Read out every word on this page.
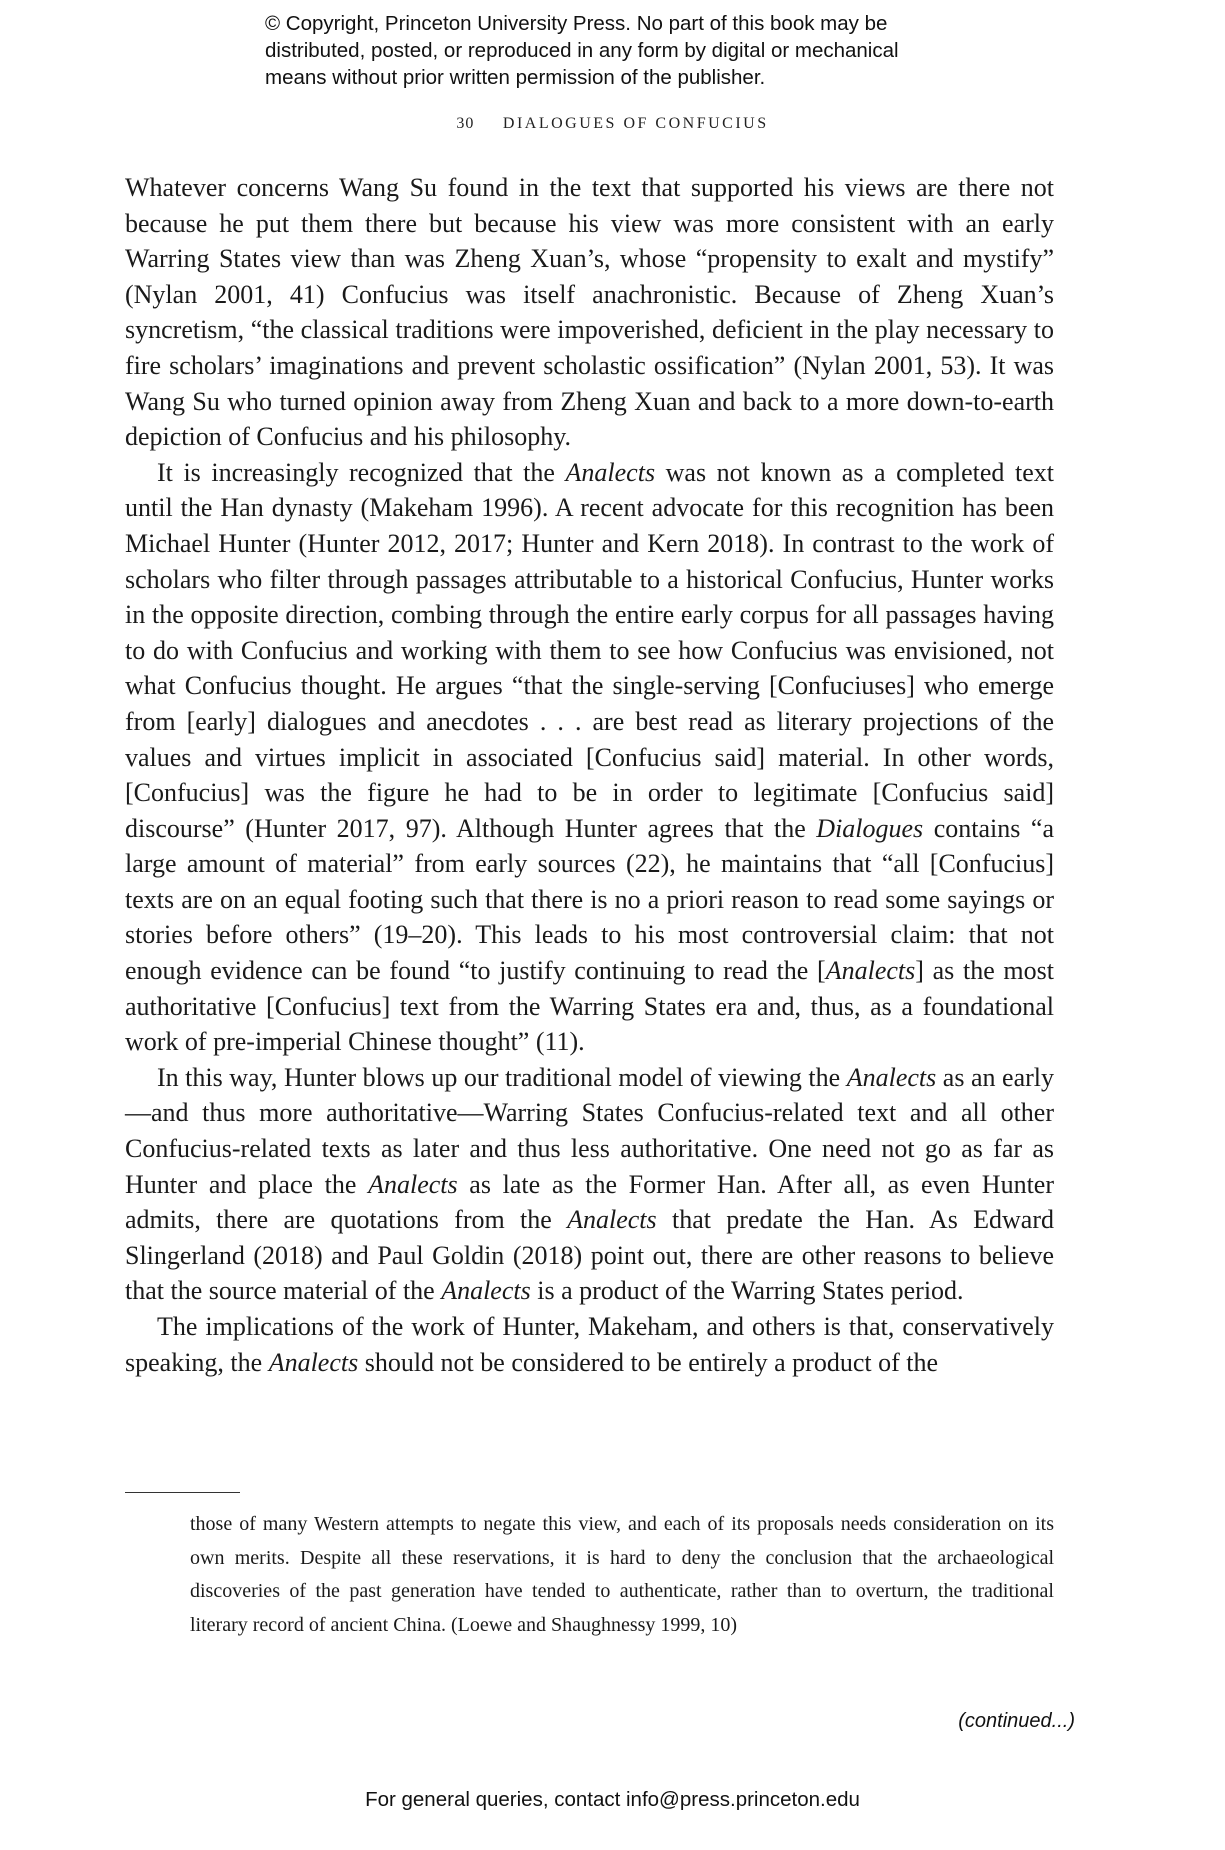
© Copyright, Princeton University Press. No part of this book may be
distributed, posted, or reproduced in any form by digital or mechanical
means without prior written permission of the publisher.
30 DIALOGUES OF CONFUCIUS

Whatever concerns Wang Su found in the text that supported his views are there not because he put them there but because his view was more consistent with an early Warring States view than was Zheng Xuan’s, whose “propensity to exalt and mystify” (Nylan 2001, 41) Confucius was itself anachronistic. Because of Zheng Xuan’s syncretism, “the classical traditions were impoverished, deficient in the play necessary to fire scholars’ imaginations and prevent scholastic ossification” (Nylan 2001, 53). It was Wang Su who turned opinion away from Zheng Xuan and back to a more down-to-earth depiction of Confucius and his philosophy.

It is increasingly recognized that the Analects was not known as a completed text until the Han dynasty (Makeham 1996). A recent advocate for this recognition has been Michael Hunter (Hunter 2012, 2017; Hunter and Kern 2018). In contrast to the work of scholars who filter through passages attributable to a historical Confucius, Hunter works in the opposite direction, combing through the entire early corpus for all passages having to do with Confucius and working with them to see how Confucius was envisioned, not what Confucius thought. He argues “that the single-serving [Confuciuses] who emerge from [early] dialogues and anecdotes . . . are best read as literary projections of the values and virtues implicit in associated [Confucius said] material. In other words, [Confucius] was the figure he had to be in order to legitimate [Confucius said] discourse” (Hunter 2017, 97). Although Hunter agrees that the Dialogues contains “a large amount of material” from early sources (22), he maintains that “all [Confucius] texts are on an equal footing such that there is no a priori reason to read some sayings or stories before others” (19–20). This leads to his most controversial claim: that not enough evidence can be found “to justify continuing to read the [Analects] as the most authoritative [Confucius] text from the Warring States era and, thus, as a foundational work of pre-imperial Chinese thought” (11).

In this way, Hunter blows up our traditional model of viewing the Analects as an early—and thus more authoritative—Warring States Confucius-related text and all other Confucius-related texts as later and thus less authoritative. One need not go as far as Hunter and place the Analects as late as the Former Han. After all, as even Hunter admits, there are quotations from the Analects that predate the Han. As Edward Slingerland (2018) and Paul Goldin (2018) point out, there are other reasons to believe that the source material of the Analects is a product of the Warring States period.

The implications of the work of Hunter, Makeham, and others is that, conservatively speaking, the Analects should not be considered to be entirely a product of the

those of many Western attempts to negate this view, and each of its proposals needs consideration on its own merits. Despite all these reservations, it is hard to deny the conclusion that the archaeological discoveries of the past generation have tended to authenticate, rather than to overturn, the traditional literary record of ancient China. (Loewe and Shaughnessy 1999, 10)

(continued...)
For general queries, contact info@press.princeton.edu
